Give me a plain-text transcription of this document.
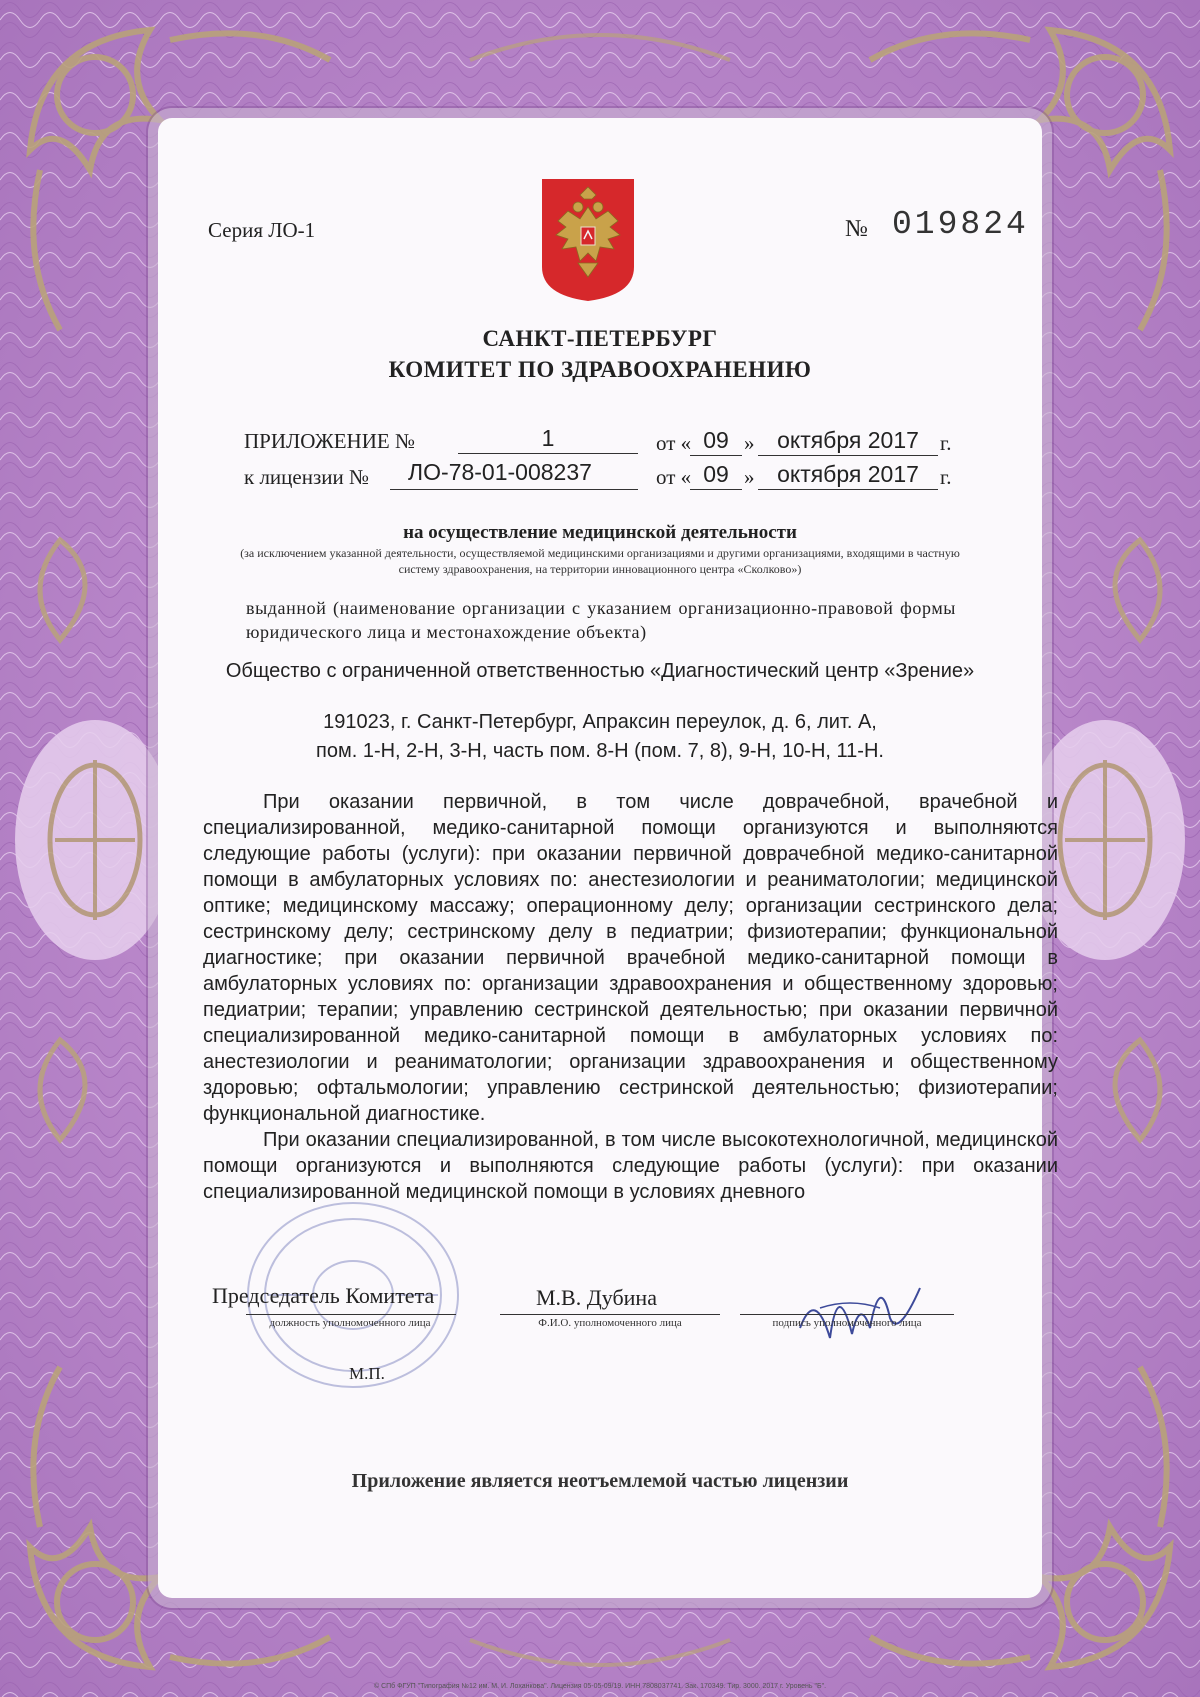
Серия ЛО-1	№ 019824
САНКТ-ПЕТЕРБУРГ
КОМИТЕТ ПО ЗДРАВООХРАНЕНИЮ
ПРИЛОЖЕНИЕ №	1	от « 09 » октября 2017	г.
к лицензии №	ЛО-78-01-008237	от « 09 » октября 2017	г.
на осуществление медицинской деятельности
(за исключением указанной деятельности, осуществляемой медицинскими организациями и другими организациями, входящими в частную систему здравоохранения, на территории инновационного центра «Сколково»)
выданной (наименование организации с указанием организационно-правовой формы юридического лица и местонахождение объекта)
Общество с ограниченной ответственностью «Диагностический центр «Зрение»
191023, г. Санкт-Петербург, Апраксин переулок, д. 6, лит. А,
пом. 1-Н, 2-Н, 3-Н, часть пом. 8-Н (пом. 7, 8), 9-Н, 10-Н, 11-Н.

При оказании первичной, в том числе доврачебной, врачебной и специализированной, медико-санитарной помощи организуются и выполняются следующие работы (услуги): при оказании первичной доврачебной медико-санитарной помощи в амбулаторных условиях по: анестезиологии и реаниматологии; медицинской оптике; медицинскому массажу; операционному делу; организации сестринского дела; сестринскому делу; сестринскому делу в педиатрии; физиотерапии; функциональной диагностике; при оказании первичной врачебной медико-санитарной помощи в амбулаторных условиях по: организации здравоохранения и общественному здоровью; педиатрии; терапии; управлению сестринской деятельностью; при оказании первичной специализированной медико-санитарной помощи в амбулаторных условиях по: анестезиологии и реаниматологии; организации здравоохранения и общественному здоровью; офтальмологии; управлению сестринской деятельностью; физиотерапии; функциональной диагностике.

При оказании специализированной, в том числе высокотехнологичной, медицинской помощи организуются и выполняются следующие работы (услуги): при оказании специализированной медицинской помощи в условиях дневного

Председатель Комитета
должность уполномоченного лица
М.В. Дубина
Ф.И.О. уполномоченного лица	подпись уполномоченного лица
М.П.
Приложение является неотъемлемой частью лицензии
© СПб ФГУП "Типография №12 им. М. И. Лоханкова". Лицензия 05-05-09/19. ИНН 7808037741. Зак. 170349. Тир. 3000. 2017 г. Уровень "Б".
